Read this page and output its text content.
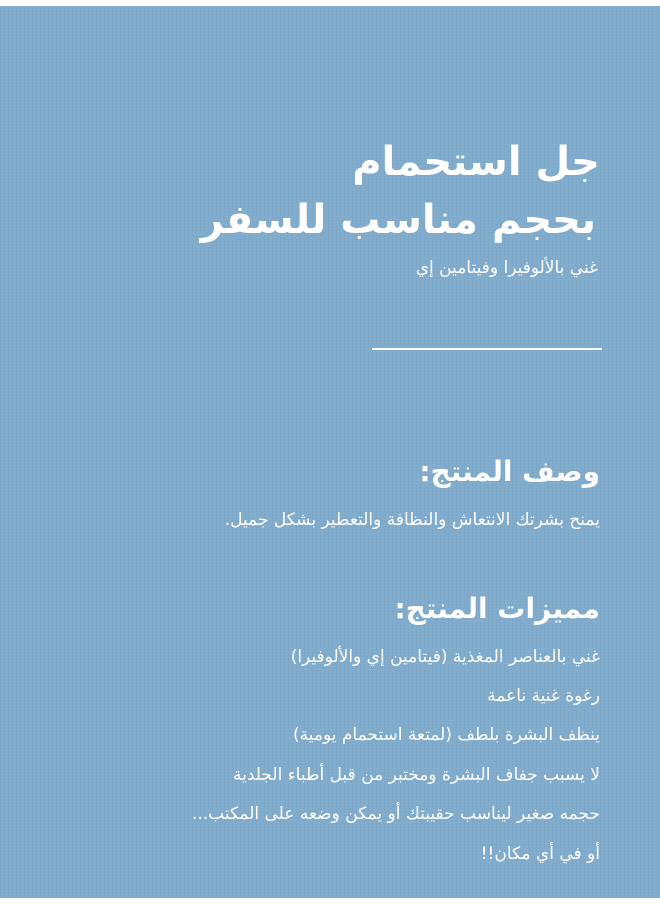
جل استحمام
بحجم مناسب للسفر

غني بالألوفيرا وفيتامين إي

وصف المنتج:

يمنح بشرتك الانتعاش والنظافة والتعطير بشكل جميل.

مميزات المنتج:

غني بالعناصر المغذية (فيتامين إي والألوفيرا)

رغوة غنية ناعمة

ينظف البشرة بلطف (لمتعة استحمام يومية)

لا يسبب جفاف البشرة ومختبر من قبل أطباء الجلدية

حجمه صغير ليناسب حقيبتك أو يمكن وضعه على المكتب...

أو في أي مكان!!
